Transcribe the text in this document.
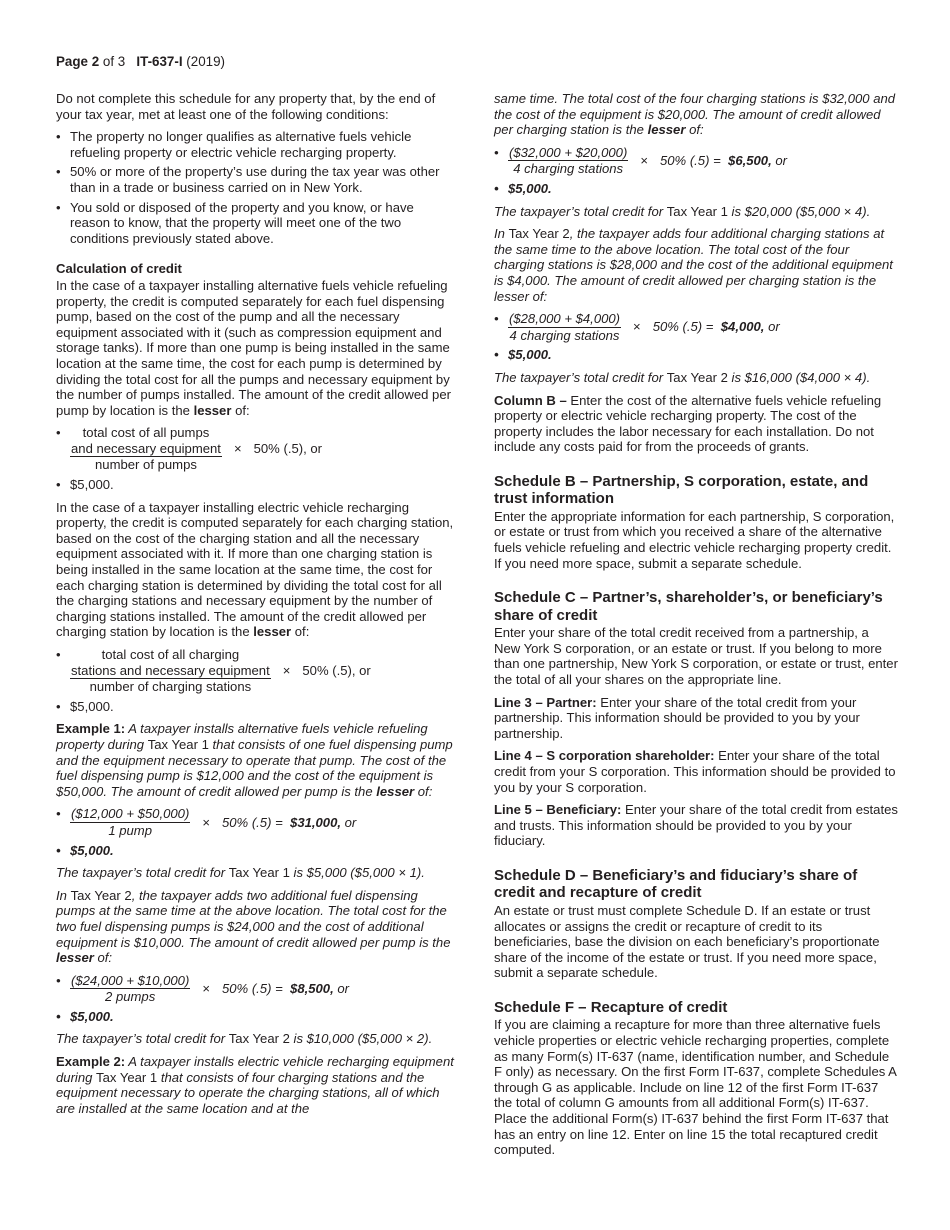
Page 2 of 3 IT-637-I (2019)

Do not complete this schedule for any property that, by the end of your tax year, met at least one of the following conditions:

• The property no longer qualifies as alternative fuels vehicle refueling property or electric vehicle recharging property.
• 50% or more of the property’s use during the tax year was other than in a trade or business carried on in New York.
• You sold or disposed of the property and you know, or have reason to know, that the property will meet one of the two conditions previously stated above.
Calculation of credit

In the case of a taxpayer installing alternative fuels vehicle refueling property, the credit is computed separately for each fuel dispensing pump, based on the cost of the pump and all the necessary equipment associated with it (such as compression equipment and storage tanks). If more than one pump is being installed in the same location at the same time, the cost for each pump is determined by dividing the total cost for all the pumps and necessary equipment by the number of pumps installed. The amount of the credit allowed per pump by location is the lesser of:

• total cost of all pumps
and necessary equipment
number of pumps
× 50% (.5), or
• $5,000.

In the case of a taxpayer installing electric vehicle recharging property, the credit is computed separately for each charging station, based on the cost of the charging station and all the necessary equipment associated with it. If more than one charging station is being installed in the same location at the same time, the cost for each charging station is determined by dividing the total cost for all the charging stations and necessary equipment by the number of charging stations installed. The amount of the credit allowed per charging station by location is the lesser of:

• total cost of all charging
stations and necessary equipment
number of charging stations
× 50% (.5), or
• $5,000.

Example 1: A taxpayer installs alternative fuels vehicle refueling property during Tax Year 1 that consists of one fuel dispensing pump and the equipment necessary to operate that pump. The cost of the fuel dispensing pump is $12,000 and the cost of the equipment is $50,000. The amount of credit allowed per pump is the lesser of:

• $\frac{(\$12,000 + \$50,000)}{\text{1 pump}} \times 50\%$ (.5) =
$31,000,
or
• $5,000.

The taxpayer’s total credit for Tax Year 1 is $5,000 ($5,000 × 1).

In Tax Year 2, the taxpayer adds two additional fuel dispensing pumps at the same time at the above location. The total cost for the two fuel dispensing pumps is $24,000 and the cost of additional equipment is $10,000. The amount of credit allowed per pump is the lesser of:

• $\frac{(\$24,000 + \$10,000)}{\text{2 pumps}} \times 50\%$ (.5) =
$8,500,
or
• $5,000.

The taxpayer’s total credit for Tax Year 2 is $10,000 ($5,000 × 2).

Example 2: A taxpayer installs electric vehicle recharging equipment during Tax Year 1 that consists of four charging stations and the equipment necessary to operate the charging stations, all of which are installed at the same location and at the

same time. The total cost of the four charging stations is $32,000 and the cost of the equipment is $20,000. The amount of credit allowed per charging station is the lesser of:

• $\frac{(\$32,000 + \$20,000)}{\text{4 charging stations}} \times 50\%$ (.5) =
$6,500,
or
• $5,000.

The taxpayer’s total credit for Tax Year 1 is $20,000 ($5,000 × 4).

In Tax Year 2, the taxpayer adds four additional charging stations at the same time to the above location. The total cost of the four charging stations is $28,000 and the cost of the additional equipment is $4,000. The amount of credit allowed per charging station is the lesser of:

• $\frac{(\$28,000 + \$4,000)}{\text{4 charging stations}} \times 50\%$ (.5) =
$4,000,
or
• $5,000.

The taxpayer’s total credit for Tax Year 2 is $16,000 ($4,000 × 4).

Column B – Enter the cost of the alternative fuels vehicle refueling property or electric vehicle recharging property. The cost of the property includes the labor necessary for each installation. Do not include any costs paid for from the proceeds of grants.

Schedule B – Partnership, S corporation, estate, and trust information

Enter the appropriate information for each partnership, S corporation, or estate or trust from which you received a share of the alternative fuels vehicle refueling and electric vehicle recharging property credit. If you need more space, submit a separate schedule.

Schedule C – Partner’s, shareholder’s, or beneficiary’s share of credit

Enter your share of the total credit received from a partnership, a New York S corporation, or an estate or trust. If you belong to more than one partnership, New York S corporation, or estate or trust, enter the total of all your shares on the appropriate line.

Line 3 – Partner: Enter your share of the total credit from your partnership. This information should be provided to you by your partnership.

Line 4 – S corporation shareholder: Enter your share of the total credit from your S corporation. This information should be provided to you by your S corporation.

Line 5 – Beneficiary: Enter your share of the total credit from estates and trusts. This information should be provided to you by your fiduciary.

Schedule D – Beneficiary’s and fiduciary’s share of credit and recapture of credit

An estate or trust must complete Schedule D. If an estate or trust allocates or assigns the credit or recapture of credit to its beneficiaries, base the division on each beneficiary’s proportionate share of the income of the estate or trust. If you need more space, submit a separate schedule.

Schedule F – Recapture of credit

If you are claiming a recapture for more than three alternative fuels vehicle properties or electric vehicle recharging properties, complete as many Form(s) IT-637 (name, identification number, and Schedule F only) as necessary. On the first Form IT-637, complete Schedules A through G as applicable. Include on line 12 of the first Form IT-637 the total of column G amounts from all additional Form(s) IT-637. Place the additional Form(s) IT-637 behind the first Form IT-637 that has an entry on line 12. Enter on line 15 the total recaptured credit computed.
